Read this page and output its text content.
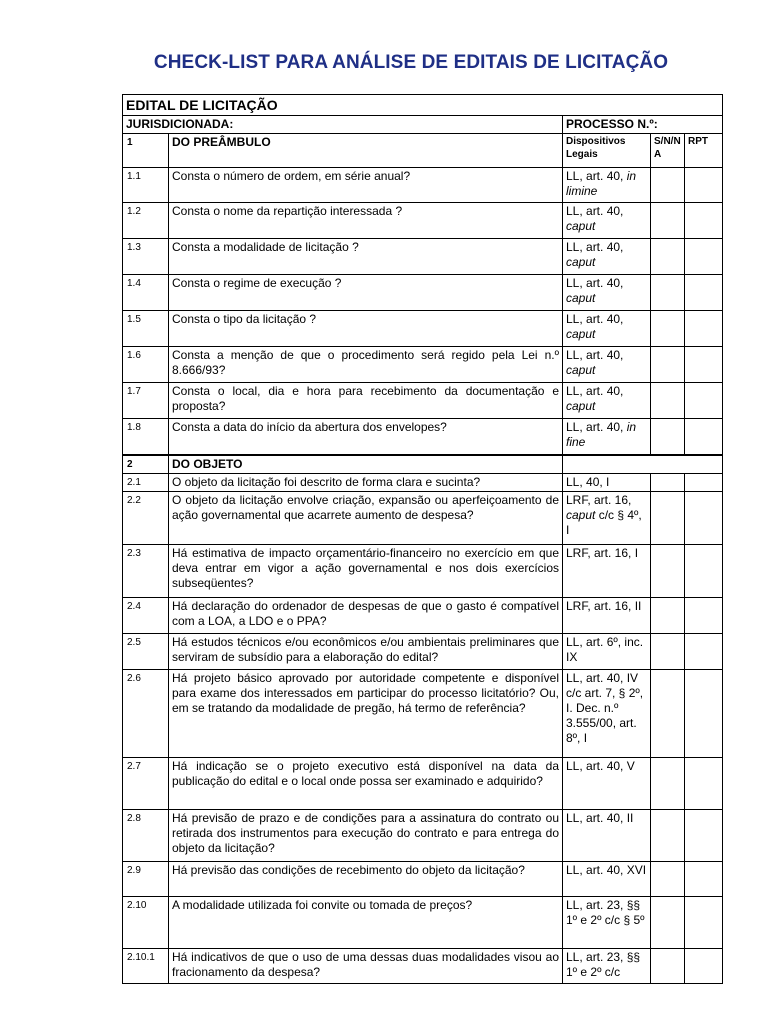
CHECK-LIST PARA ANÁLISE DE EDITAIS DE LICITAÇÃO
EDITAL DE LICITAÇÃO				
JURISDICIONADA:		PROCESSO N.º:		
1	DO PREÂMBULO	Dispositivos Legais	S/N/N A	RPT
1.1	Consta o número de ordem, em série anual?	LL, art. 40, in limine		
1.2	Consta o nome da repartição interessada ?	LL, art. 40, caput		
1.3	Consta a modalidade de licitação ?	LL, art. 40, caput		
1.4	Consta o regime de execução ?	LL, art. 40, caput		
1.5	Consta o tipo da licitação ?	LL, art. 40, caput		
1.6	Consta a menção de que o procedimento será regido pela Lei n.º 8.666/93?	LL, art. 40, caput		
1.7	Consta o local, dia e hora para recebimento da documentação e proposta?	LL, art. 40, caput		
1.8	Consta a data do início da abertura dos envelopes?	LL, art. 40, in fine		
2	DO OBJETO			
2.1	O objeto da licitação foi descrito de forma clara e sucinta?	LL, 40, I		
2.2	O objeto da licitação envolve criação, expansão ou aperfeiçoamento de ação governamental que acarrete aumento de despesa?	LRF, art. 16, caput c/c § 4º, I		
2.3	Há estimativa de impacto orçamentário-financeiro no exercício em que deva entrar em vigor a ação governamental e nos dois exercícios subseqüentes?	LRF, art. 16, I		
2.4	Há declaração do ordenador de despesas de que o gasto é compatível com a LOA, a LDO e o PPA?	LRF, art. 16, II		
2.5	Há estudos técnicos e/ou econômicos e/ou ambientais preliminares que serviram de subsídio para a elaboração do edital?	LL, art. 6º, inc. IX		
2.6	Há projeto básico aprovado por autoridade competente e disponível para exame dos interessados em participar do processo licitatório? Ou, em se tratando da modalidade de pregão, há termo de referência?	LL, art. 40, IV c/c art. 7, § 2º, I. Dec. n.º 3.555/00, art. 8º, I		
2.7	Há indicação se o projeto executivo está disponível na data da publicação do edital e o local onde possa ser examinado e adquirido?	LL, art. 40, V		
2.8	Há previsão de prazo e de condições para a assinatura do contrato ou retirada dos instrumentos para execução do contrato e para entrega do objeto da licitação?	LL, art. 40, II		
2.9	Há previsão das condições de recebimento do objeto da licitação?	LL, art. 40, XVI		
2.10	A modalidade utilizada foi convite ou tomada de preços?	LL, art. 23, §§ 1º e 2º c/c § 5º		
2.10.1	Há indicativos de que o uso de uma dessas duas modalidades visou ao fracionamento da despesa?	LL, art. 23, §§ 1º e 2º c/c		
